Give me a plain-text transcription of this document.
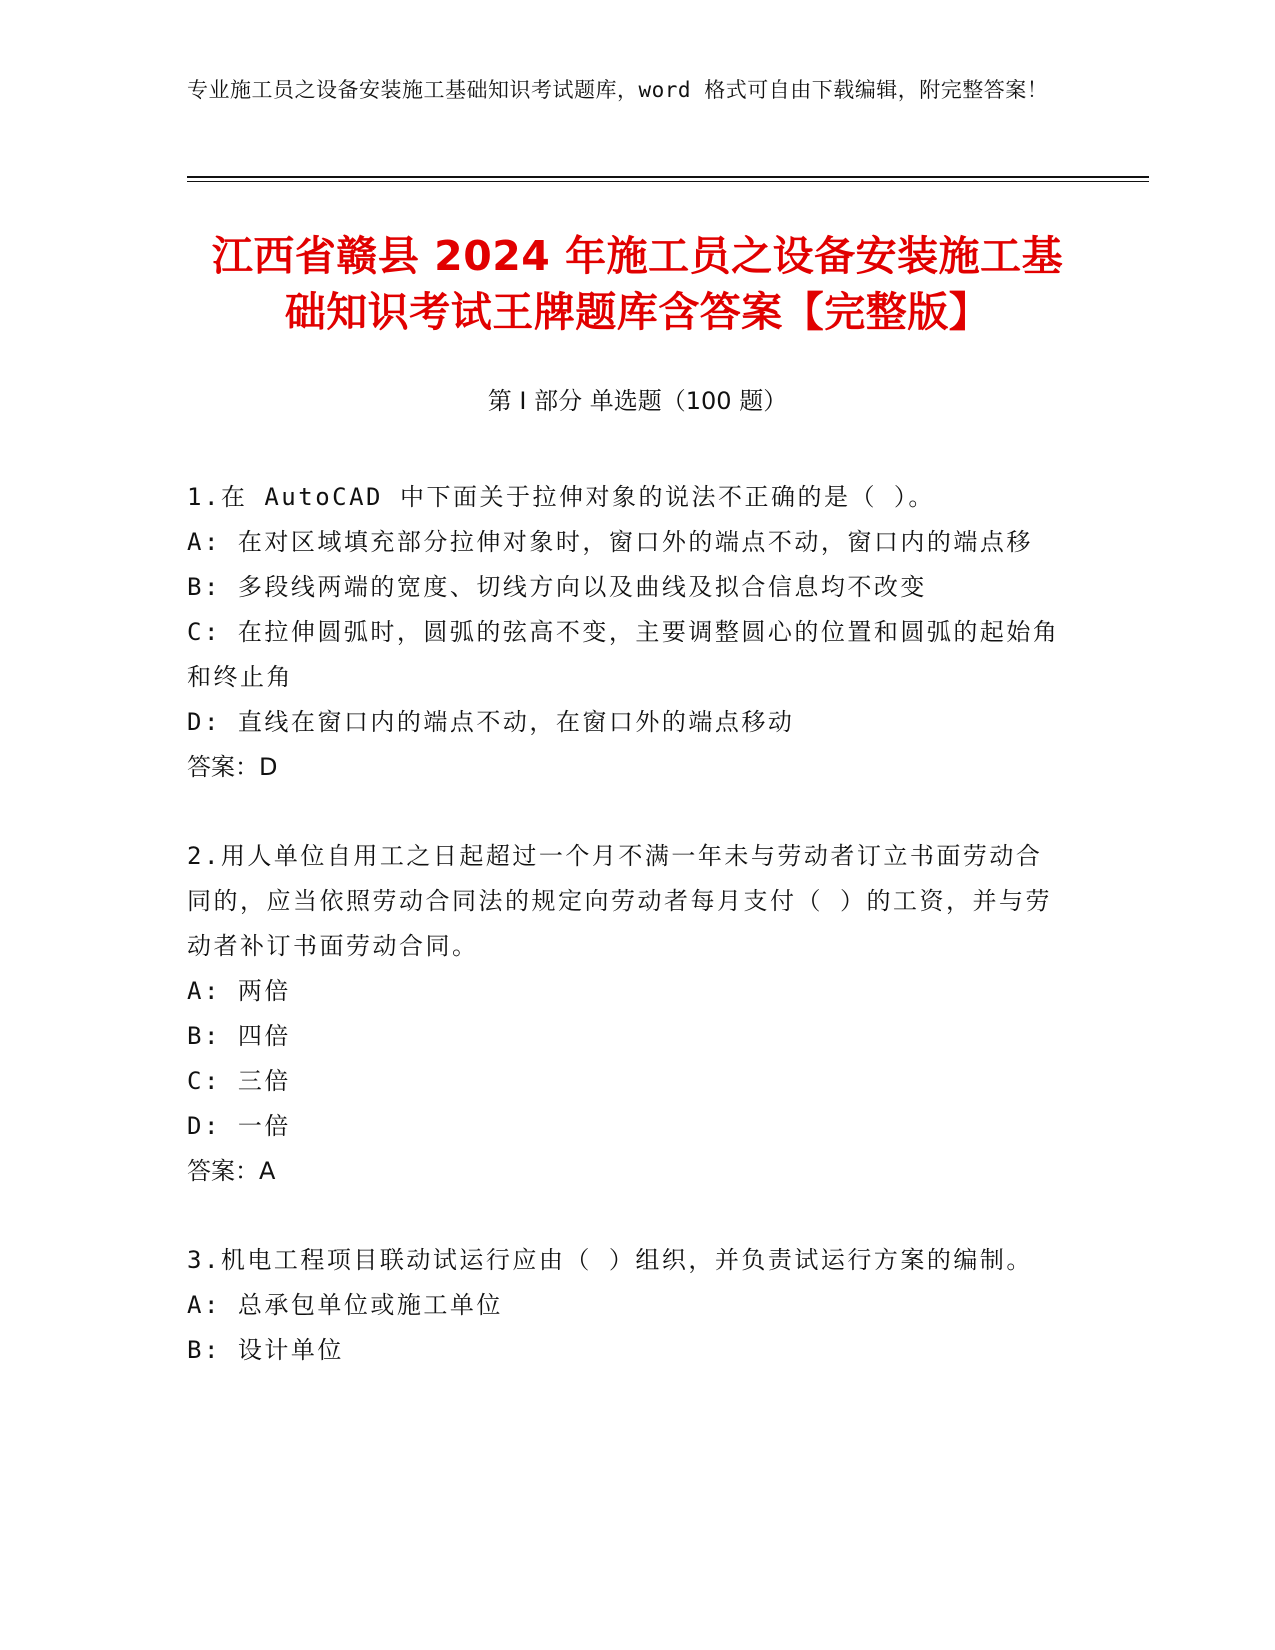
专业施工员之设备安装施工基础知识考试题库，word 格式可自由下载编辑，附完整答案！
江西省赣县 2024 年施工员之设备安装施工基
础知识考试王牌题库含答案【完整版】
第 I 部分 单选题（100 题）
1.在 AutoCAD 中下面关于拉伸对象的说法不正确的是（ ）。
A: 在对区域填充部分拉伸对象时，窗口外的端点不动，窗口内的端点移
B: 多段线两端的宽度、切线方向以及曲线及拟合信息均不改变
C: 在拉伸圆弧时，圆弧的弦高不变，主要调整圆心的位置和圆弧的起始角和终止角
D: 直线在窗口内的端点不动，在窗口外的端点移动
答案：D
2.用人单位自用工之日起超过一个月不满一年未与劳动者订立书面劳动合同的，应当依照劳动合同法的规定向劳动者每月支付（ ）的工资，并与劳动者补订书面劳动合同。
A: 两倍
B: 四倍
C: 三倍
D: 一倍
答案：A
3.机电工程项目联动试运行应由（ ）组织，并负责试运行方案的编制。
A: 总承包单位或施工单位
B: 设计单位
